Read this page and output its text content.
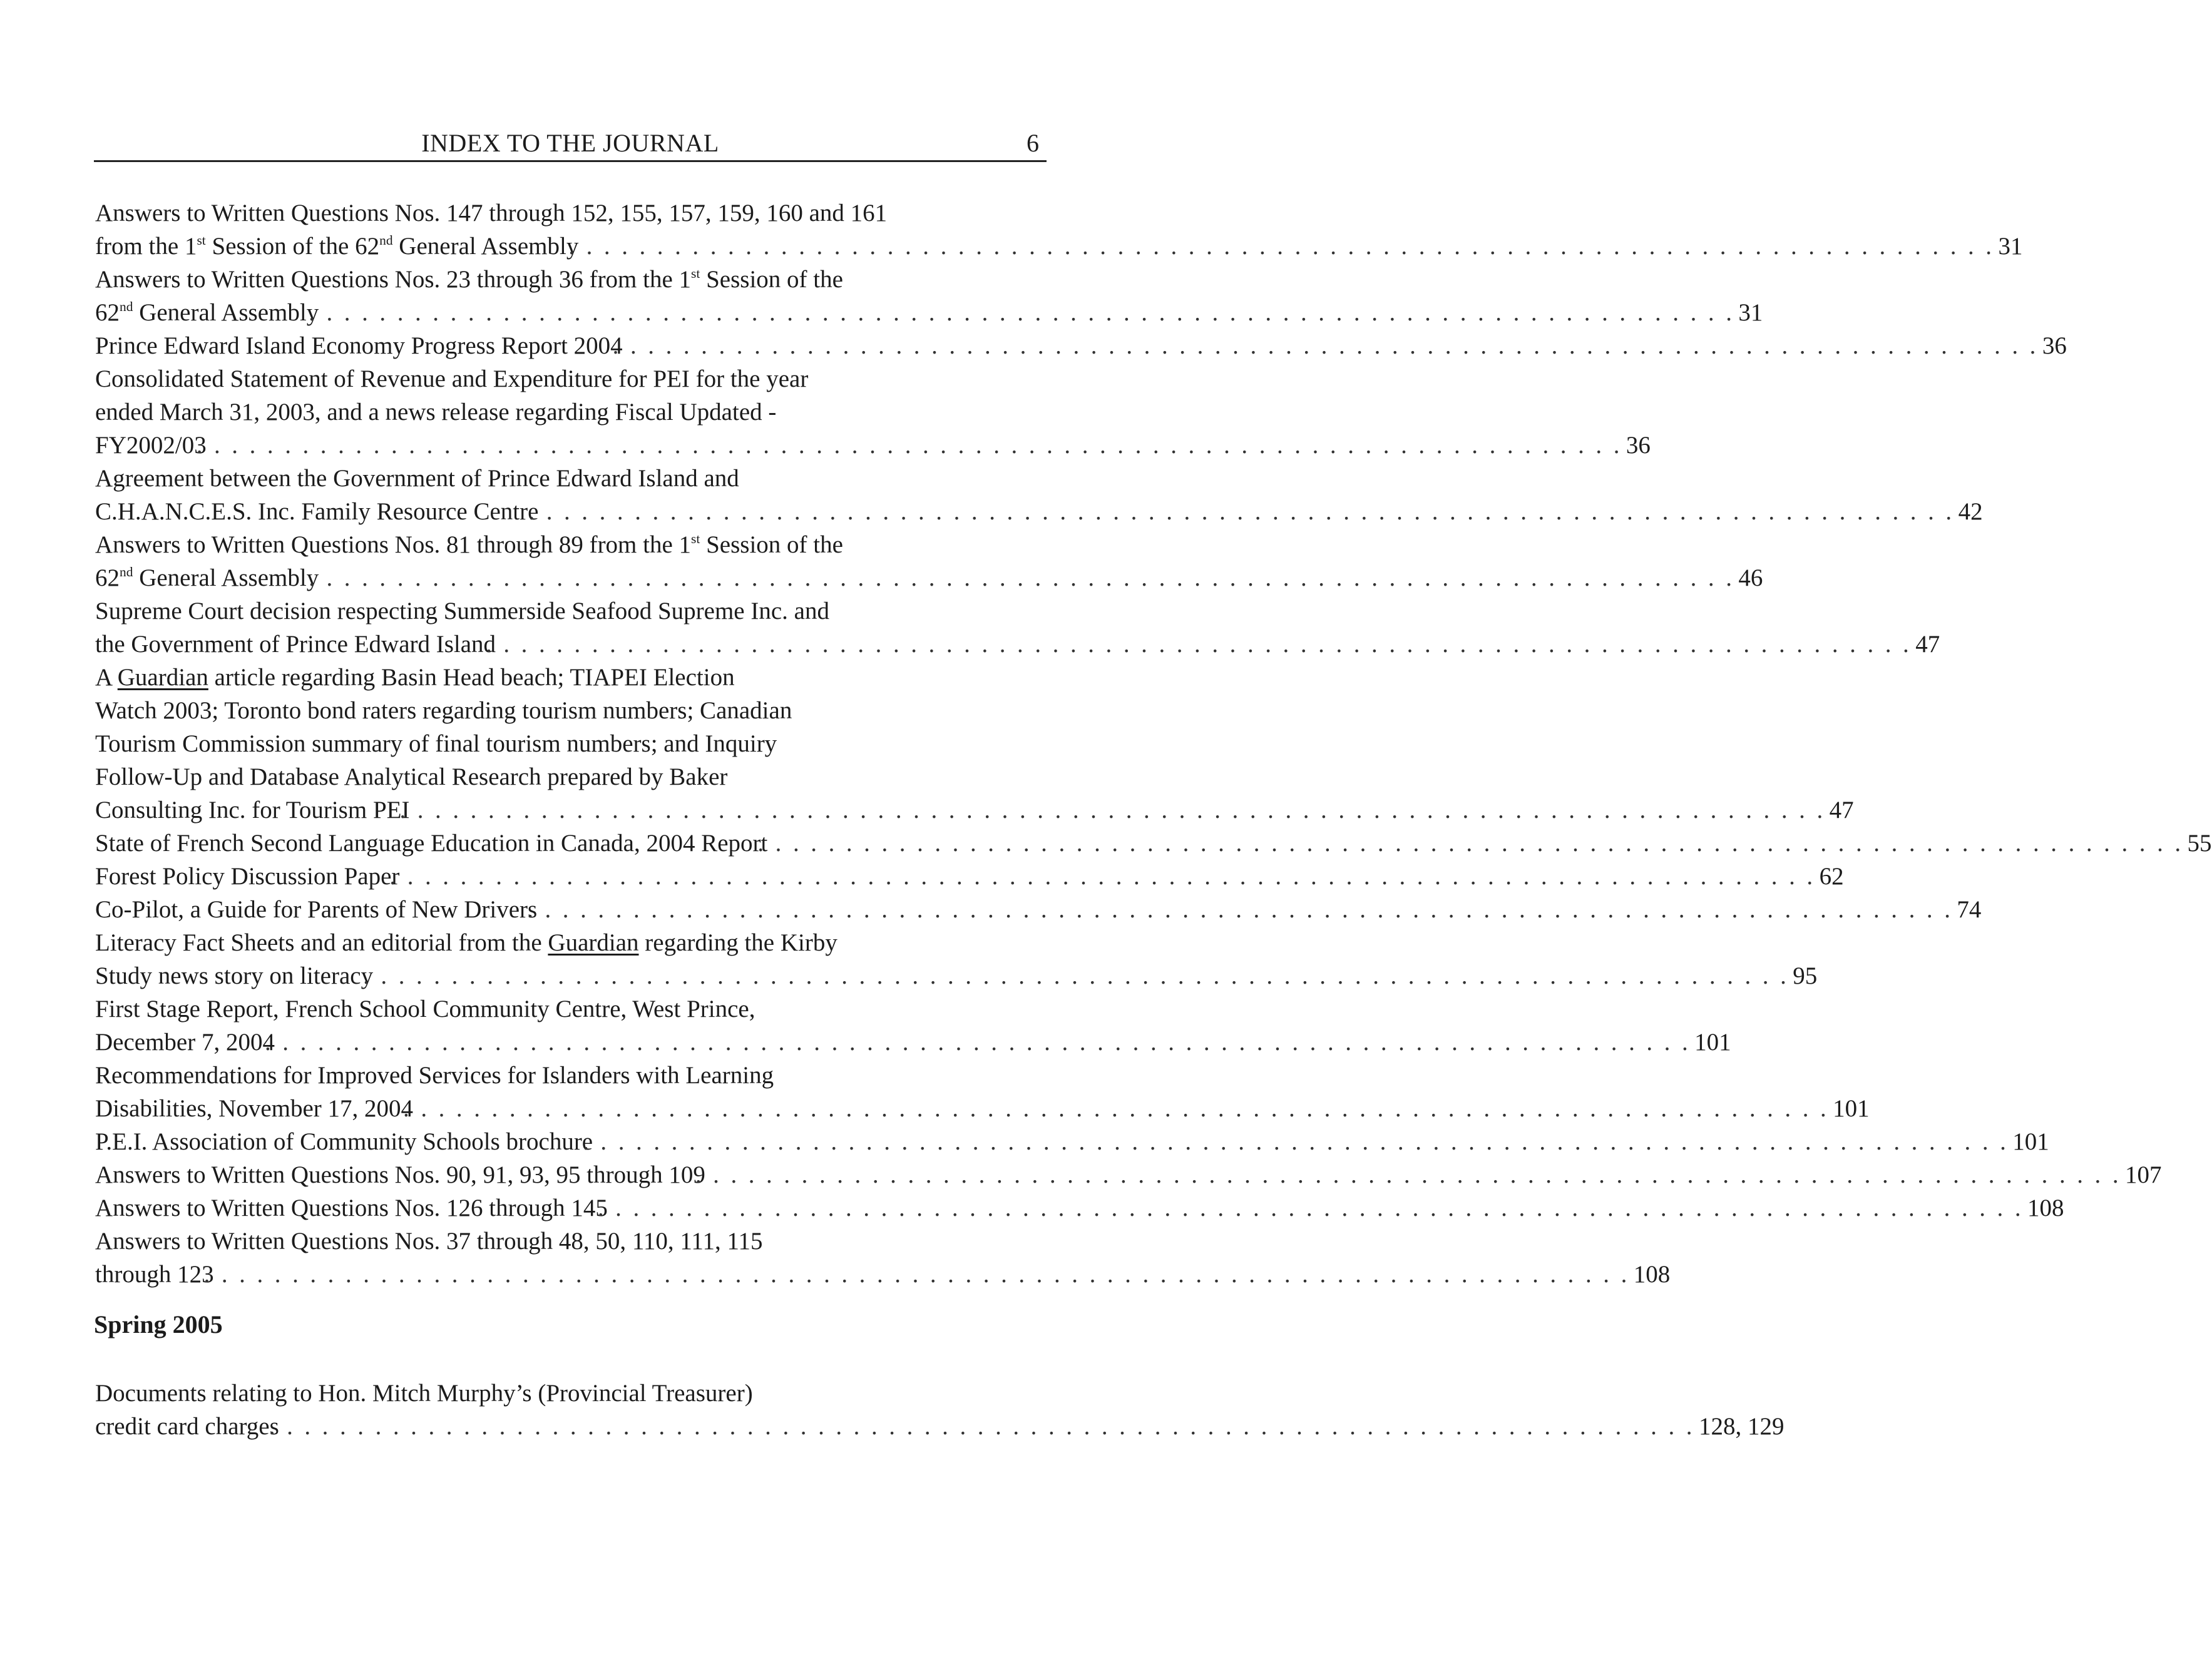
INDEX TO THE JOURNAL	6
Answers to Written Questions Nos. 147 through 152, 155, 157, 159, 160 and 161
from the 1st Session of the 62nd General Assembly
. . . . . . . . . . . . . . . . . . . . . . . . . . . . . . . . . . . . . . . . . . . . . . . . . . . . . . . . . . . . . . . . . . . . . . . . . . . . . . . . . 31
Answers to Written Questions Nos. 23 through 36 from the 1st Session of the
62nd General Assembly
. . . . . . . . . . . . . . . . . . . . . . . . . . . . . . . . . . . . . . . . . . . . . . . . . . . . . . . . . . . . . . . . . . . . . . . . . . . . . . . . . 31
Prince Edward Island Economy Progress Report 2004
. . . . . . . . . . . . . . . . . . . . . . . . . . . . . . . . . . . . . . . . . . . . . . . . . . . . . . . . . . . . . . . . . . . . . . . . . . . . . . . . . 36
Consolidated Statement of Revenue and Expenditure for PEI for the year
ended March 31, 2003, and a news release regarding Fiscal Updated -
FY2002/03
. . . . . . . . . . . . . . . . . . . . . . . . . . . . . . . . . . . . . . . . . . . . . . . . . . . . . . . . . . . . . . . . . . . . . . . . . . . . . . . . . 36
Agreement between the Government of Prince Edward Island and
C.H.A.N.C.E.S. Inc. Family Resource Centre
. . . . . . . . . . . . . . . . . . . . . . . . . . . . . . . . . . . . . . . . . . . . . . . . . . . . . . . . . . . . . . . . . . . . . . . . . . . . . . . . . 42
Answers to Written Questions Nos. 81 through 89 from the 1st Session of the
62nd General Assembly
. . . . . . . . . . . . . . . . . . . . . . . . . . . . . . . . . . . . . . . . . . . . . . . . . . . . . . . . . . . . . . . . . . . . . . . . . . . . . . . . . 46
Supreme Court decision respecting Summerside Seafood Supreme Inc. and
the Government of Prince Edward Island
. . . . . . . . . . . . . . . . . . . . . . . . . . . . . . . . . . . . . . . . . . . . . . . . . . . . . . . . . . . . . . . . . . . . . . . . . . . . . . . . . 47
A Guardian article regarding Basin Head beach; TIAPEI Election
Watch 2003; Toronto bond raters regarding tourism numbers; Canadian
Tourism Commission summary of final tourism numbers; and Inquiry
Follow-Up and Database Analytical Research prepared by Baker
Consulting Inc. for Tourism PEI
. . . . . . . . . . . . . . . . . . . . . . . . . . . . . . . . . . . . . . . . . . . . . . . . . . . . . . . . . . . . . . . . . . . . . . . . . . . . . . . . . 47
State of French Second Language Education in Canada, 2004 Report
. . . . . . . . . . . . . . . . . . . . . . . . . . . . . . . . . . . . . . . . . . . . . . . . . . . . . . . . . . . . . . . . . . . . . . . . . . . . . . . . . 55
Forest Policy Discussion Paper
. . . . . . . . . . . . . . . . . . . . . . . . . . . . . . . . . . . . . . . . . . . . . . . . . . . . . . . . . . . . . . . . . . . . . . . . . . . . . . . . . 62
Co-Pilot, a Guide for Parents of New Drivers
. . . . . . . . . . . . . . . . . . . . . . . . . . . . . . . . . . . . . . . . . . . . . . . . . . . . . . . . . . . . . . . . . . . . . . . . . . . . . . . . . 74
Literacy Fact Sheets and an editorial from the Guardian regarding the Kirby
Study news story on literacy
. . . . . . . . . . . . . . . . . . . . . . . . . . . . . . . . . . . . . . . . . . . . . . . . . . . . . . . . . . . . . . . . . . . . . . . . . . . . . . . . . 95
First Stage Report, French School Community Centre, West Prince,
December 7, 2004
. . . . . . . . . . . . . . . . . . . . . . . . . . . . . . . . . . . . . . . . . . . . . . . . . . . . . . . . . . . . . . . . . . . . . . . . . . . . . . . . . 101
Recommendations for Improved Services for Islanders with Learning
Disabilities, November 17, 2004
. . . . . . . . . . . . . . . . . . . . . . . . . . . . . . . . . . . . . . . . . . . . . . . . . . . . . . . . . . . . . . . . . . . . . . . . . . . . . . . . . 101
P.E.I. Association of Community Schools brochure
. . . . . . . . . . . . . . . . . . . . . . . . . . . . . . . . . . . . . . . . . . . . . . . . . . . . . . . . . . . . . . . . . . . . . . . . . . . . . . . . . 101
Answers to Written Questions Nos. 90, 91, 93, 95 through 109
. . . . . . . . . . . . . . . . . . . . . . . . . . . . . . . . . . . . . . . . . . . . . . . . . . . . . . . . . . . . . . . . . . . . . . . . . . . . . . . . . 107
Answers to Written Questions Nos. 126 through 145
. . . . . . . . . . . . . . . . . . . . . . . . . . . . . . . . . . . . . . . . . . . . . . . . . . . . . . . . . . . . . . . . . . . . . . . . . . . . . . . . . 108
Answers to Written Questions Nos. 37 through 48, 50, 110, 111, 115
through 123
. . . . . . . . . . . . . . . . . . . . . . . . . . . . . . . . . . . . . . . . . . . . . . . . . . . . . . . . . . . . . . . . . . . . . . . . . . . . . . . . . 108
Spring 2005
Documents relating to Hon. Mitch Murphy’s (Provincial Treasurer)
credit card charges
. . . . . . . . . . . . . . . . . . . . . . . . . . . . . . . . . . . . . . . . . . . . . . . . . . . . . . . . . . . . . . . . . . . . . . . . . . . . . . . . . 128, 129
